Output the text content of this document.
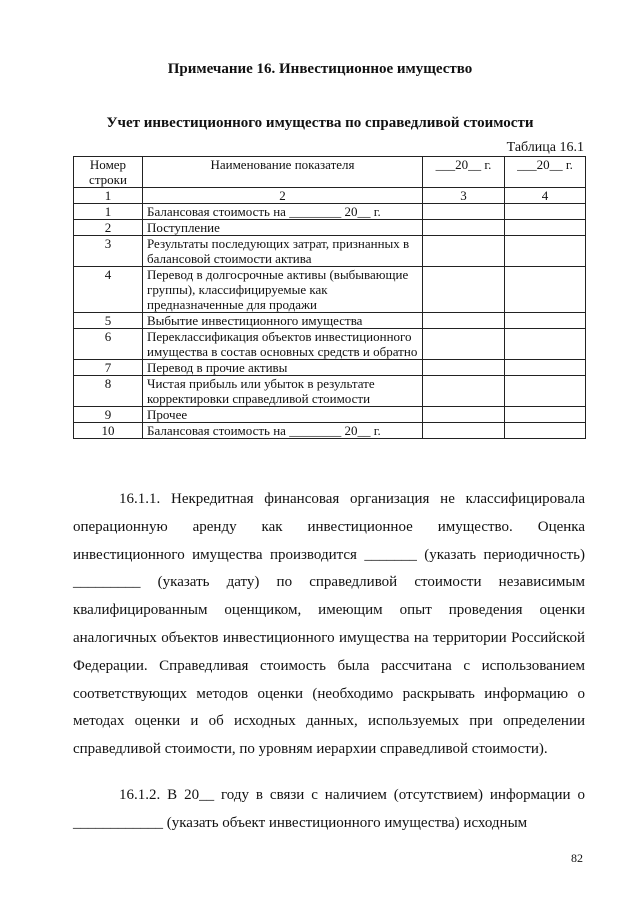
Примечание 16. Инвестиционное имущество
Учет инвестиционного имущества по справедливой стоимости
Таблица 16.1
Номер строки	Наименование показателя	___20__ г.	___20__ г.
1	2	3	4
1	Балансовая стоимость на ________ 20__ г.		
2	Поступление		
3	Результаты последующих затрат, признанных в балансовой стоимости актива		
4	Перевод в долгосрочные активы (выбывающие группы), классифицируемые как предназначенные для продажи		
5	Выбытие инвестиционного имущества		
6	Переклассификация объектов инвестиционного имущества в состав основных средств и обратно		
7	Перевод в прочие активы		
8	Чистая прибыль или убыток в результате корректировки справедливой стоимости		
9	Прочее		
10	Балансовая стоимость на ________ 20__ г.		

16.1.1. Некредитная финансовая организация не классифицировала операционную аренду как инвестиционное имущество. Оценка инвестиционного имущества производится _______ (указать периодичность) _________ (указать дату) по справедливой стоимости независимым квалифицированным оценщиком, имеющим опыт проведения оценки аналогичных объектов инвестиционного имущества на территории Российской Федерации. Справедливая стоимость была рассчитана с использованием соответствующих методов оценки (необходимо раскрывать информацию о методах оценки и об исходных данных, используемых при определении справедливой стоимости, по уровням иерархии справедливой стоимости).

16.1.2. В 20__ году в связи с наличием (отсутствием) информации о ____________ (указать объект инвестиционного имущества) исходным

82
